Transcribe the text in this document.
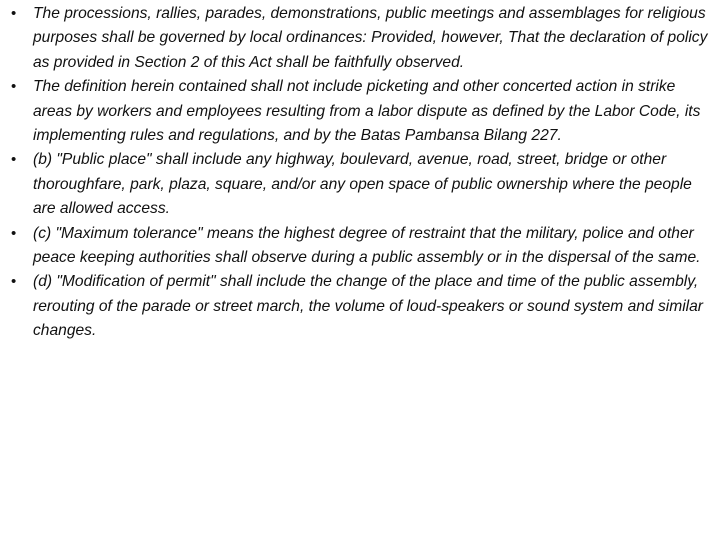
• The processions, rallies, parades, demonstrations, public meetings and assemblages for religious purposes shall be governed by local ordinances: Provided, however, That the declaration of policy as provided in Section 2 of this Act shall be faithfully observed.
• The definition herein contained shall not include picketing and other concerted action in strike areas by workers and employees resulting from a labor dispute as defined by the Labor Code, its implementing rules and regulations, and by the Batas Pambansa Bilang 227.
• (b) "Public place" shall include any highway, boulevard, avenue, road, street, bridge or other thoroughfare, park, plaza, square, and/or any open space of public ownership where the people are allowed access.
• (c) "Maximum tolerance" means the highest degree of restraint that the military, police and other peace keeping authorities shall observe during a public assembly or in the dispersal of the same.
• (d) "Modification of permit" shall include the change of the place and time of the public assembly, rerouting of the parade or street march, the volume of loud-speakers or sound system and similar changes.
